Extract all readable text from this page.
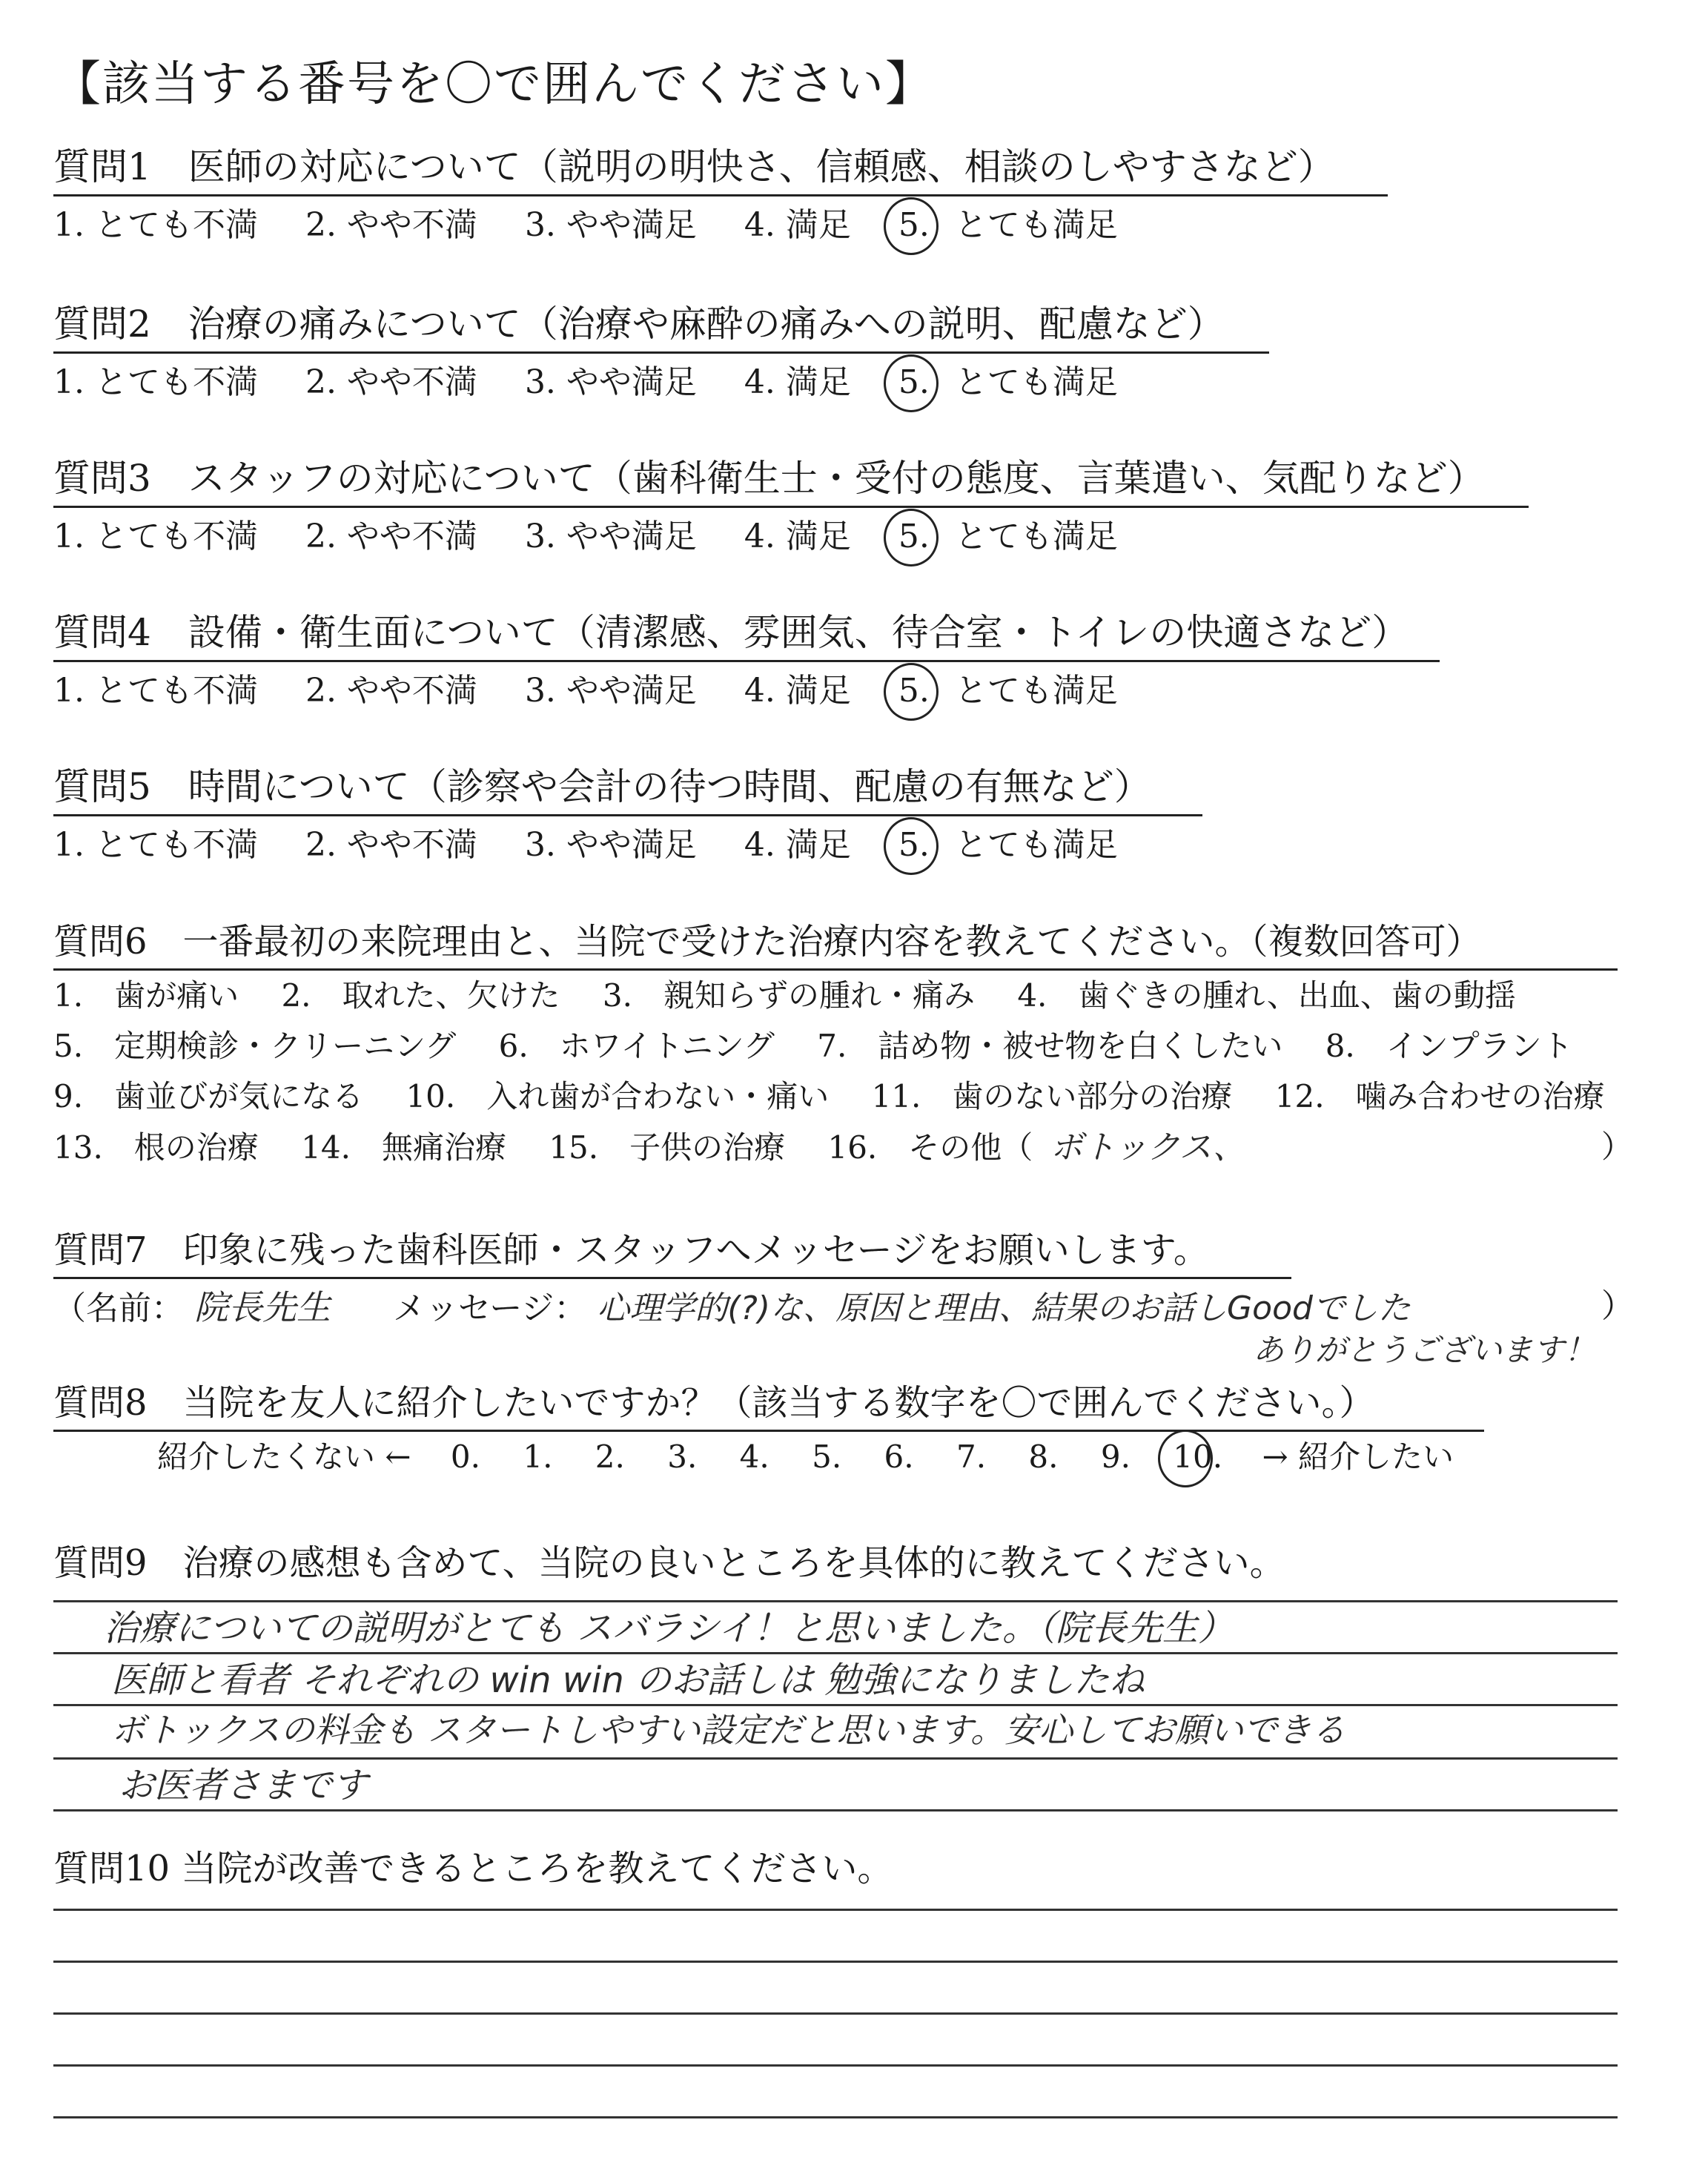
【該当する番号を〇で囲んでください】
質問1　医師の対応について（説明の明快さ、信頼感、相談のしやすさなど）
1. とても不満 2. やや不満 3. やや満足 4. 満足 5. とても満足
質問2　治療の痛みについて（治療や麻酔の痛みへの説明、配慮など）
1. とても不満 2. やや不満 3. やや満足 4. 満足 5. とても満足
質問3　スタッフの対応について（歯科衛生士・受付の態度、言葉遣い、気配りなど）
1. とても不満 2. やや不満 3. やや満足 4. 満足 5. とても満足
質問4　設備・衛生面について（清潔感、雰囲気、待合室・トイレの快適さなど）
1. とても不満 2. やや不満 3. やや満足 4. 満足 5. とても満足
質問5　時間について（診察や会計の待つ時間、配慮の有無など）
1. とても不満 2. やや不満 3. やや満足 4. 満足 5. とても満足
質問6　一番最初の来院理由と、当院で受けた治療内容を教えてください。（複数回答可）
1.　歯が痛い 2.　取れた、欠けた 3.　親知らずの腫れ・痛み 4.　歯ぐきの腫れ、出血、歯の動揺
5.　定期検診・クリーニング 6.　ホワイトニング 7.　詰め物・被せ物を白くしたい 8.　インプラント
9.　歯並びが気になる 10.　入れ歯が合わない・痛い 11.　歯のない部分の治療 12.　噛み合わせの治療
13.　根の治療 14.　無痛治療 15.　子供の治療 16.　その他（ ボトックス、	）
質問7　印象に残った歯科医師・スタッフへメッセージをお願いします。
（名前： 院長先生 メッセージ： 心理学的(?)な、原因と理由、結果のお話しGoodでした	）
ありがとうございます！
質問8　当院を友人に紹介したいですか？（該当する数字を〇で囲んでください。）
紹介したくない ← 0. 1. 2. 3. 4. 5. 6. 7. 8. 9. 10. → 紹介したい
質問9　治療の感想も含めて、当院の良いところを具体的に教えてください。
治療についての説明がとても スバラシイ！と思いました。（院長先生）
医師と看者 それぞれの win win のお話しは 勉強になりましたね
ボトックスの料金も スタートしやすい設定だと思います。安心してお願いできる
お医者さまです
質問10 当院が改善できるところを教えてください。
